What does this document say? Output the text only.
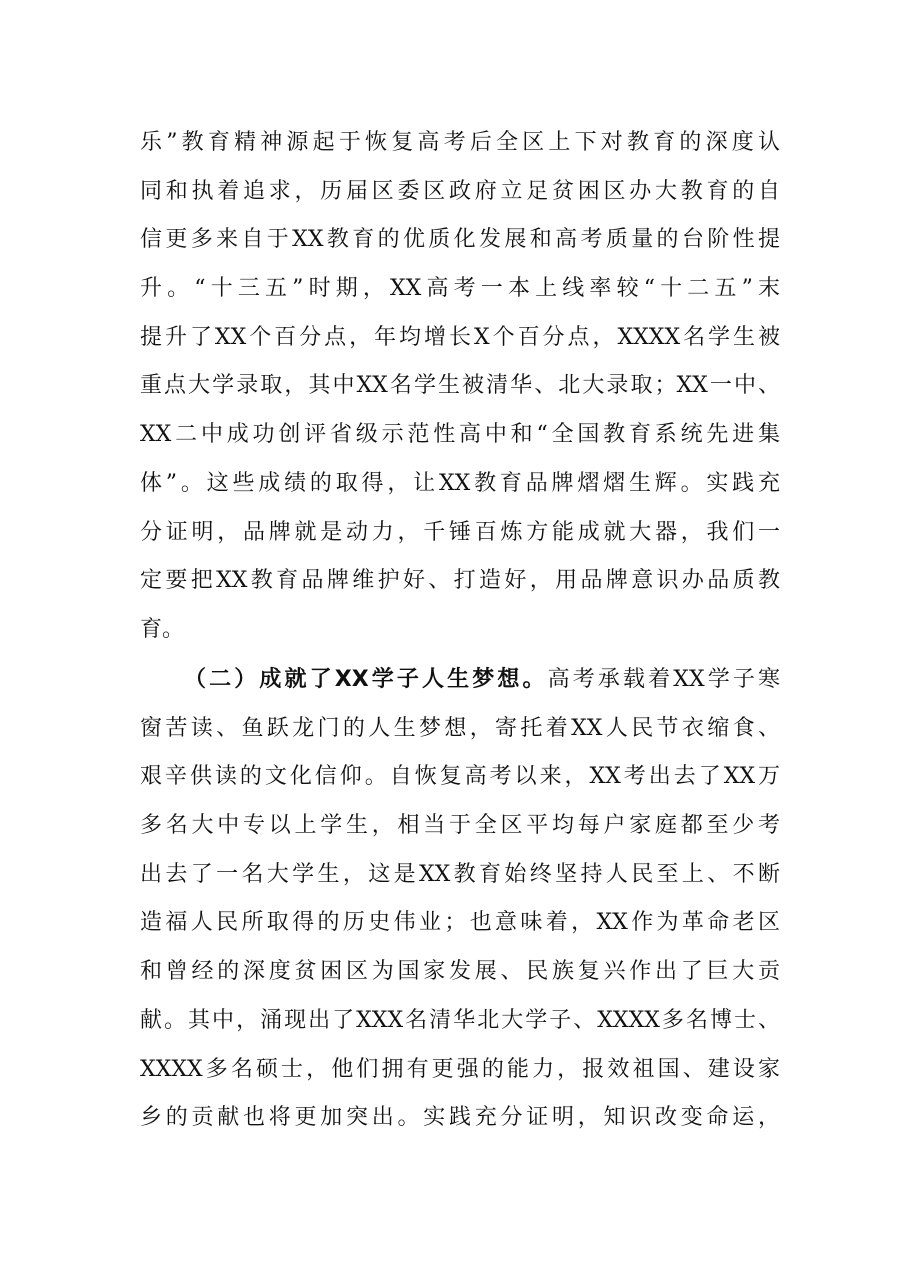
乐”教育精神源起于恢复高考后全区上下对教育的深度认
同和执着追求，历届区委区政府立足贫困区办大教育的自
信更多来自于XX教育的优质化发展和高考质量的台阶性提
升。“十三五”时期，XX高考一本上线率较“十二五”末
提升了XX个百分点，年均增长X个百分点，XXXX名学生被
重点大学录取，其中XX名学生被清华、北大录取；XX一中、
XX二中成功创评省级示范性高中和“全国教育系统先进集
体”。这些成绩的取得，让XX教育品牌熠熠生辉。实践充
分证明，品牌就是动力，千锤百炼方能成就大器，我们一
定要把XX教育品牌维护好、打造好，用品牌意识办品质教
育。
（二）成就了XX学子人生梦想。高考承载着XX学子寒
窗苦读、鱼跃龙门的人生梦想，寄托着XX人民节衣缩食、
艰辛供读的文化信仰。自恢复高考以来，XX考出去了XX万
多名大中专以上学生，相当于全区平均每户家庭都至少考
出去了一名大学生，这是XX教育始终坚持人民至上、不断
造福人民所取得的历史伟业；也意味着，XX作为革命老区
和曾经的深度贫困区为国家发展、民族复兴作出了巨大贡
献。其中，涌现出了XXX名清华北大学子、XXXX多名博士、
XXXX多名硕士，他们拥有更强的能力，报效祖国、建设家
乡的贡献也将更加突出。实践充分证明，知识改变命运，
